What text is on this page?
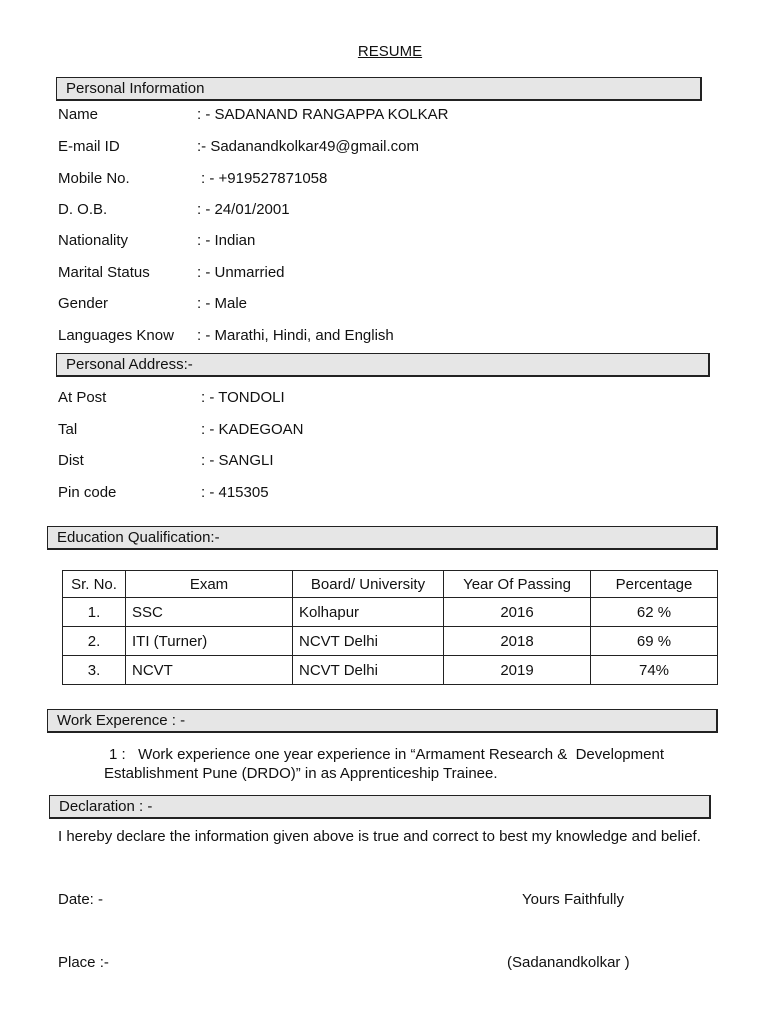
RESUME
Personal Information
Name	: - SADANAND RANGAPPA KOLKAR
E-mail ID	:- Sadanandkolkar49@gmail.com
Mobile No.	: - +919527871058
D. O.B.	: - 24/01/2001
Nationality	: - Indian
Marital Status	: - Unmarried
Gender	: - Male
Languages Know : - Marathi, Hindi, and English
Personal Address:-
At Post	: - TONDOLI
Tal	: - KADEGOAN
Dist	: - SANGLI
Pin code	: - 415305
Education Qualification:-
Sr. No.	Exam	Board/ University	Year Of Passing	Percentage
1.	SSC	Kolhapur	2016	62 %
2.	ITI (Turner)	NCVT Delhi	2018	69 %
3.	NCVT	NCVT Delhi	2019	74%
Work Experence : -
1 :   Work experience one year experience in “Armament Research &  Development
Establishment Pune (DRDO)” in as Apprenticeship Trainee.
Declaration : -
I hereby declare the information given above is true and correct to best my knowledge and belief.
Date: -	Yours Faithfully
Place :-	(Sadanandkolkar )
